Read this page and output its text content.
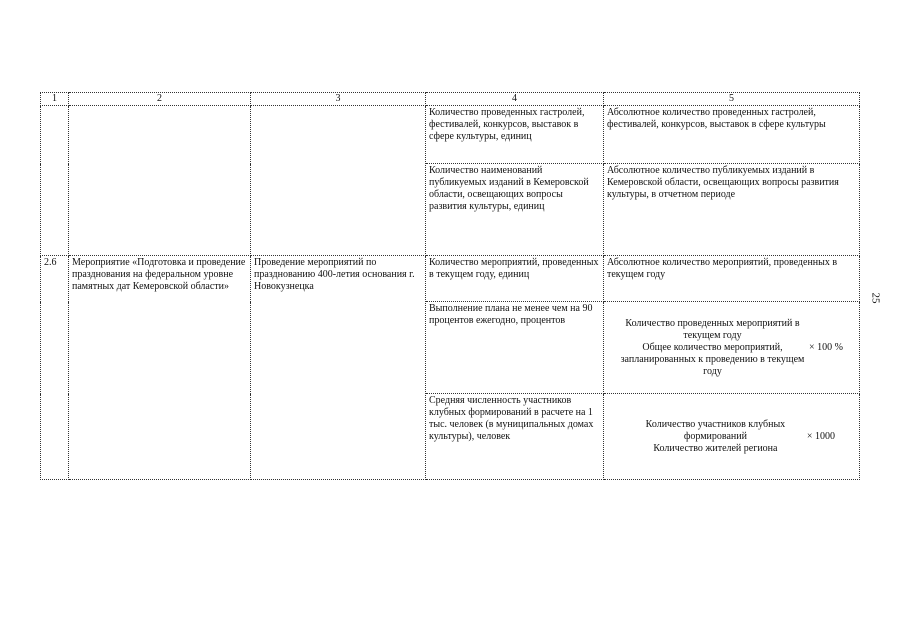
1	2	3	4	5
			Количество проведенных гастролей, фестивалей, конкурсов, выставок в сфере культуры, единиц	Абсолютное количество проведенных гастролей, фестивалей, конкурсов, выставок в сфере культуры
			Количество наименований публикуемых изданий в Кемеровской области, освещающих вопросы развития культуры, единиц	Абсолютное количество публикуемых изданий в Кемеровской области, освещающих вопросы развития культуры, в отчетном периоде
2.6	Мероприятие «Подготовка и проведение празднования на федеральном уровне памятных дат Кемеровской области»	Проведение мероприятий по празднованию 400-летия основания г. Новокузнецка	Количество мероприятий, проведенных в текущем году, единиц	Абсолютное количество мероприятий, проведенных в текущем году
			Выполнение плана не менее чем на 90 процентов ежегодно, процентов	Количество проведенных мероприятий в текущем году
Общее количество мероприятий, запланированных к проведению в текущем году
× 100 %

			Средняя численность участников клубных формирований в расчете на 1 тыс. человек (в муниципальных домах культуры), человек	Количество участников клубных формирований
Количество жителей региона
× 1000
25
